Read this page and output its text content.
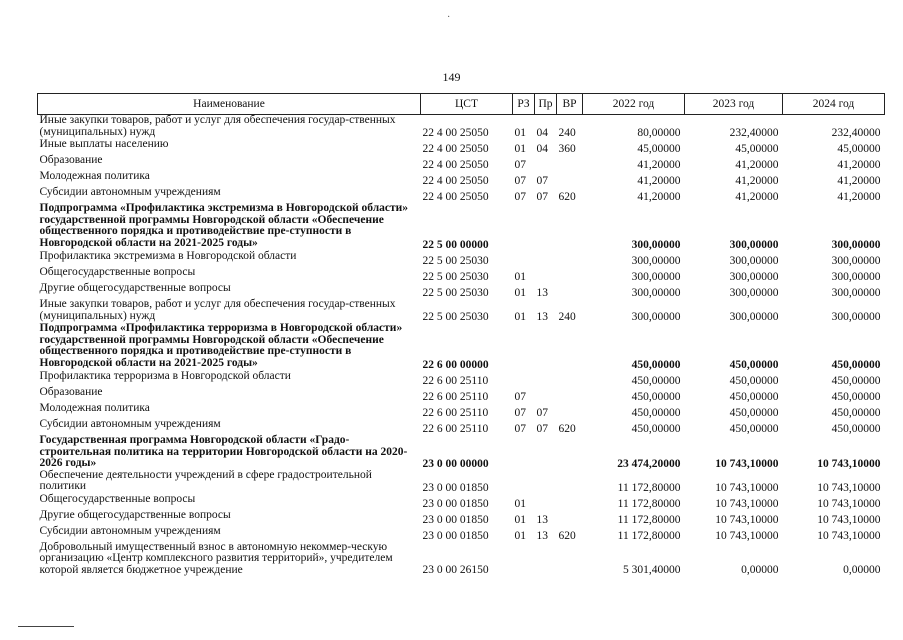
·
149
Наименование	ЦСТ	РЗ	Пр	ВР	2022 год	2023 год	2024 год
Иные закупки товаров, работ и услуг для обеспечения государ-ственных (муниципальных) нужд	22 4 00 25050	01	04	240	80,00000	232,40000	232,40000
Иные выплаты населению	22 4 00 25050	01	04	360	45,00000	45,00000	45,00000
Образование	22 4 00 25050	07			41,20000	41,20000	41,20000
Молодежная политика	22 4 00 25050	07	07		41,20000	41,20000	41,20000
Субсидии автономным учреждениям	22 4 00 25050	07	07	620	41,20000	41,20000	41,20000
Подпрограмма «Профилактика экстремизма в Новгородской области» государственной программы Новгородской области «Обеспечение общественного порядка и противодействие пре-ступности в Новгородской области на 2021-2025 годы»	22 5 00 00000				300,00000	300,00000	300,00000
Профилактика экстремизма в Новгородской области	22 5 00 25030				300,00000	300,00000	300,00000
Общегосударственные вопросы	22 5 00 25030	01			300,00000	300,00000	300,00000
Другие общегосударственные вопросы	22 5 00 25030	01	13		300,00000	300,00000	300,00000
Иные закупки товаров, работ и услуг для обеспечения государ-ственных (муниципальных) нужд	22 5 00 25030	01	13	240	300,00000	300,00000	300,00000
Подпрограмма «Профилактика терроризма в Новгородской области» государственной программы Новгородской области «Обеспечение общественного порядка и противодействие пре-ступности в Новгородской области на 2021-2025 годы»	22 6 00 00000				450,00000	450,00000	450,00000
Профилактика терроризма в Новгородской области	22 6 00 25110				450,00000	450,00000	450,00000
Образование	22 6 00 25110	07			450,00000	450,00000	450,00000
Молодежная политика	22 6 00 25110	07	07		450,00000	450,00000	450,00000
Субсидии автономным учреждениям	22 6 00 25110	07	07	620	450,00000	450,00000	450,00000
Государственная программа Новгородской области «Градо-строительная политика на территории Новгородской области на 2020-2026 годы»	23 0 00 00000				23 474,20000	10 743,10000	10 743,10000
Обеспечение деятельности учреждений в сфере градостроительной политики	23 0 00 01850				11 172,80000	10 743,10000	10 743,10000
Общегосударственные вопросы	23 0 00 01850	01			11 172,80000	10 743,10000	10 743,10000
Другие общегосударственные вопросы	23 0 00 01850	01	13		11 172,80000	10 743,10000	10 743,10000
Субсидии автономным учреждениям	23 0 00 01850	01	13	620	11 172,80000	10 743,10000	10 743,10000
Добровольный имущественный взнос в автономную некоммер-ческую организацию «Центр комплексного развития территорий», учредителем которой является бюджетное учреждение	23 0 00 26150				5 301,40000	0,00000	0,00000
